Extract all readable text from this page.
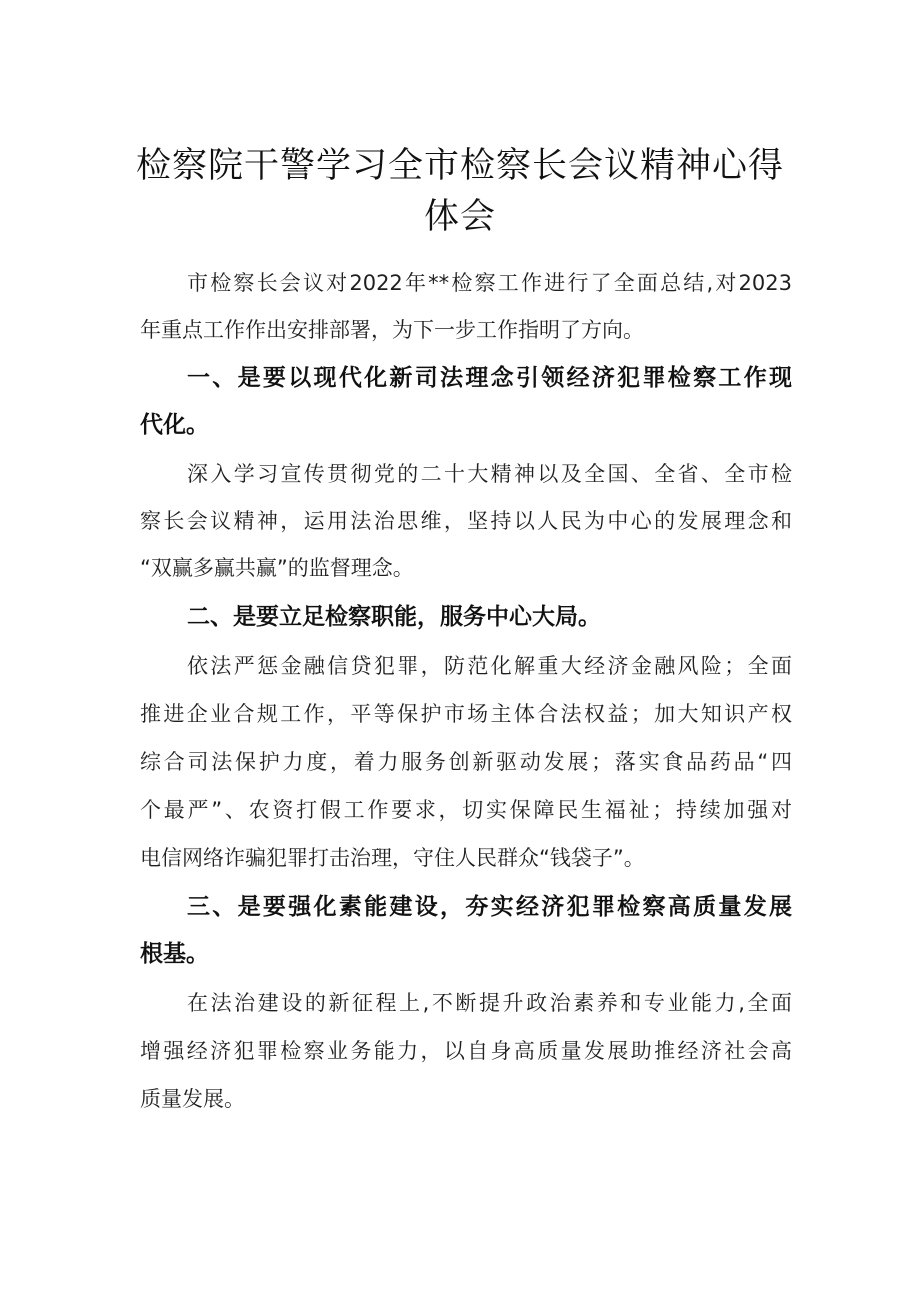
检察院干警学习全市检察长会议精神心得
体会
市检察长会议对2022年**检察工作进行了全面总结,对2023
年重点工作作出安排部署，为下一步工作指明了方向。
一、是要以现代化新司法理念引领经济犯罪检察工作现
代化。
深入学习宣传贯彻党的二十大精神以及全国、全省、全市检
察长会议精神，运用法治思维，坚持以人民为中心的发展理念和
“双赢多赢共赢”的监督理念。
二、是要立足检察职能，服务中心大局。
依法严惩金融信贷犯罪，防范化解重大经济金融风险；全面
推进企业合规工作，平等保护市场主体合法权益；加大知识产权
综合司法保护力度，着力服务创新驱动发展；落实食品药品“四
个最严”、农资打假工作要求，切实保障民生福祉；持续加强对
电信网络诈骗犯罪打击治理，守住人民群众“钱袋子”。
三、是要强化素能建设，夯实经济犯罪检察高质量发展
根基。
在法治建设的新征程上,不断提升政治素养和专业能力,全面
增强经济犯罪检察业务能力，以自身高质量发展助推经济社会高
质量发展。
